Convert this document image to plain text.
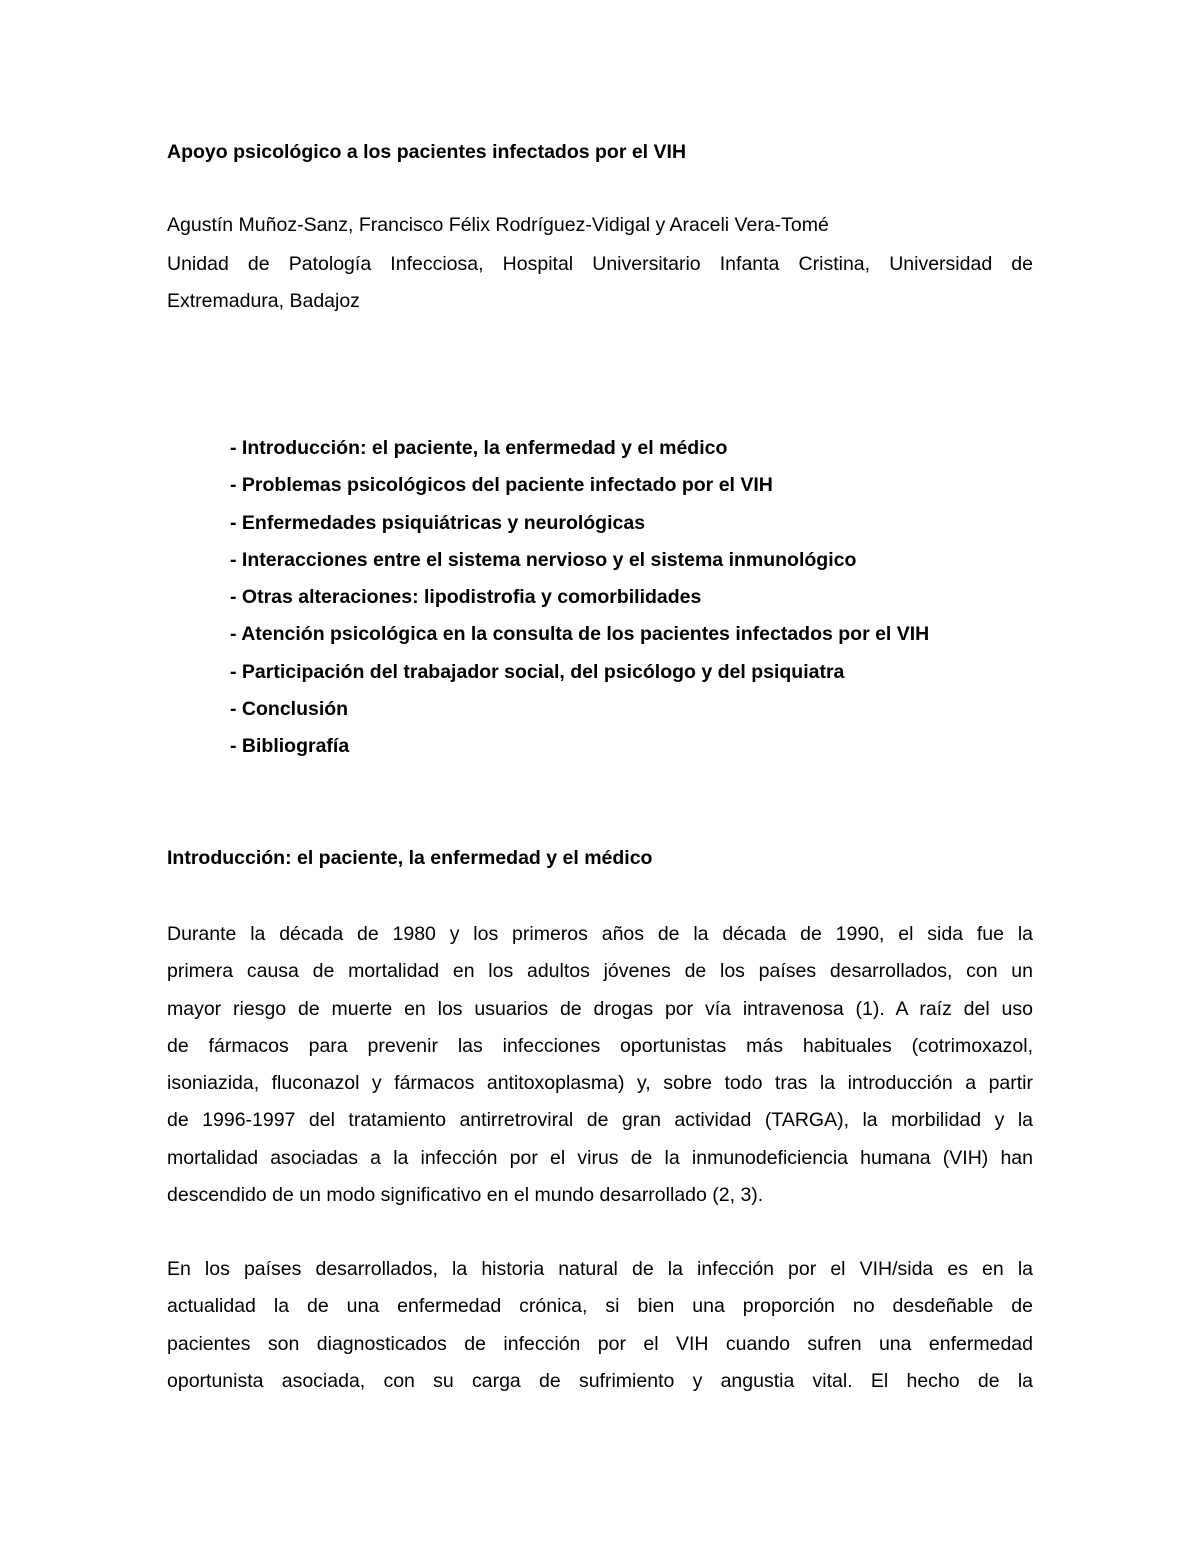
Apoyo psicológico a los pacientes infectados por el VIH
Agustín Muñoz-Sanz, Francisco Félix Rodríguez-Vidigal y Araceli Vera-Tomé
Unidad de Patología Infecciosa, Hospital Universitario Infanta Cristina, Universidad de
Extremadura, Badajoz
- Introducción: el paciente, la enfermedad y el médico
- Problemas psicológicos del paciente infectado por el VIH
- Enfermedades psiquiátricas y neurológicas
- Interacciones entre el sistema nervioso y el sistema inmunológico
- Otras alteraciones: lipodistrofia y comorbilidades
- Atención psicológica en la consulta de los pacientes infectados por el VIH
- Participación del trabajador social, del psicólogo y del psiquiatra
- Conclusión
- Bibliografía
Introducción: el paciente, la enfermedad y el médico
Durante la década de 1980 y los primeros años de la década de 1990, el sida fue la
primera causa de mortalidad en los adultos jóvenes de los países desarrollados, con un
mayor riesgo de muerte en los usuarios de drogas por vía intravenosa (1). A raíz del uso
de fármacos para prevenir las infecciones oportunistas más habituales (cotrimoxazol,
isoniazida, fluconazol y fármacos antitoxoplasma) y, sobre todo tras la introducción a partir
de 1996-1997 del tratamiento antirretroviral de gran actividad (TARGA), la morbilidad y la
mortalidad asociadas a la infección por el virus de la inmunodeficiencia humana (VIH) han
descendido de un modo significativo en el mundo desarrollado (2, 3).
En los países desarrollados, la historia natural de la infección por el VIH/sida es en la
actualidad la de una enfermedad crónica, si bien una proporción no desdeñable de
pacientes son diagnosticados de infección por el VIH cuando sufren una enfermedad
oportunista asociada, con su carga de sufrimiento y angustia vital. El hecho de la
